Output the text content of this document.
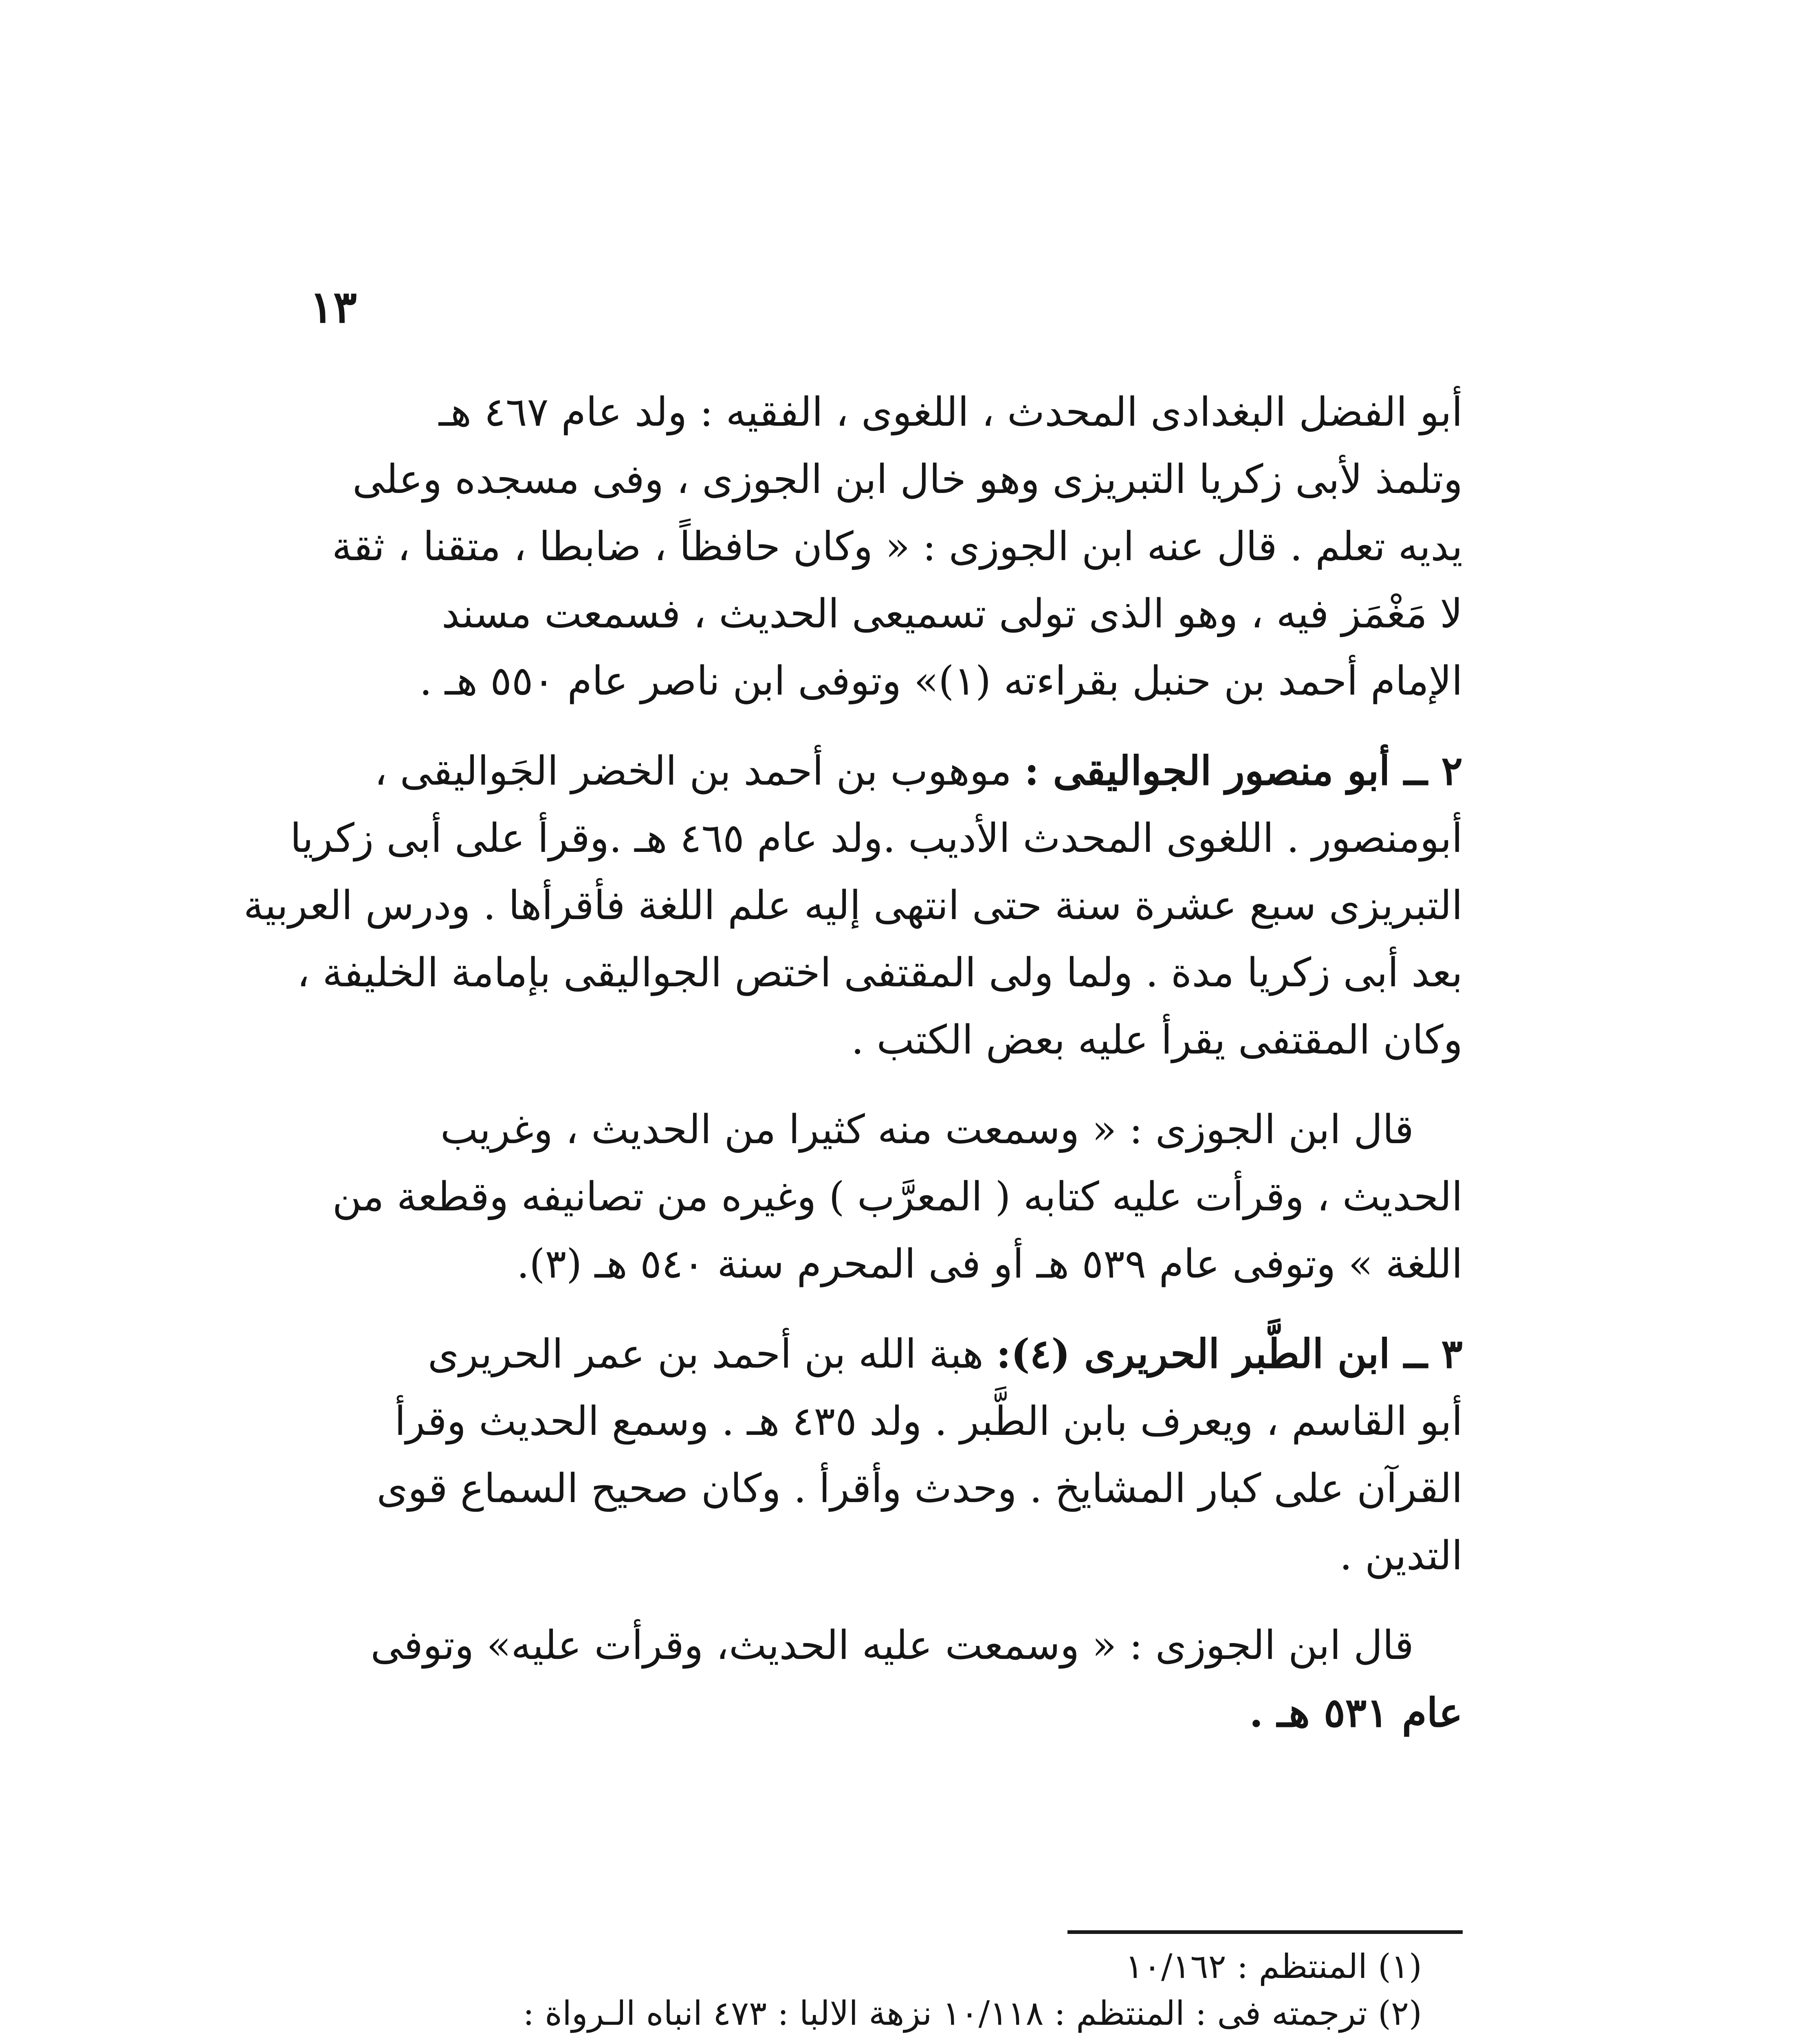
١٣
أبو الفضل البغدادى المحدث ، اللغوى ، الفقيه : ولد عام ٤٦٧ هـ
وتلمذ لأبى زكريا التبريزى وهو خال ابن الجوزى ، وفى مسجده وعلى
يديه تعلم . قال عنه ابن الجوزى : « وكان حافظاً ، ضابطا ، متقنا ، ثقة
لا مَغْمَز فيه ، وهو الذى تولى تسميعى الحديث ، فسمعت مسند
الإمام أحمد بن حنبل بقراءته (١)» وتوفى ابن ناصر عام ٥٥٠ هـ .
٢ ــ أبو منصور الجواليقى : موهوب بن أحمد بن الخضر الجَواليقى ،
أبومنصور . اللغوى المحدث الأديب .ولد عام ٤٦٥ هـ .وقرأ على أبى زكريا
التبريزى سبع عشرة سنة حتى انتهى إليه علم اللغة فأقرأها . ودرس العربية
بعد أبى زكريا مدة . ولما ولى المقتفى اختص الجواليقى بإمامة الخليفة ،
وكان المقتفى يقرأ عليه بعض الكتب .
قال ابن الجوزى : « وسمعت منه كثيرا من الحديث ، وغريب
الحديث ، وقرأت عليه كتابه ( المعرَّب ) وغيره من تصانيفه وقطعة من
اللغة » وتوفى عام ٥٣٩ هـ أو فى المحرم سنة ٥٤٠ هـ (٣).
٣ ــ ابن الطَّبر الحريرى (٤): هبة الله بن أحمد بن عمر الحريرى
أبو القاسم ، ويعرف بابن الطَّبر . ولد ٤٣٥ هـ . وسمع الحديث وقرأ
القرآن على كبار المشايخ . وحدث وأقرأ . وكان صحيح السماع قوى
التدين .
قال ابن الجوزى : « وسمعت عليه الحديث، وقرأت عليه» وتوفى
عام ٥٣١ هـ .
(١) المنتظم : ١٠/١٦٢
(٢) ترجمته فى : المنتظم : ١٠/١١٨ نزهة الالبا : ٤٧٣ انباه الـرواة :
